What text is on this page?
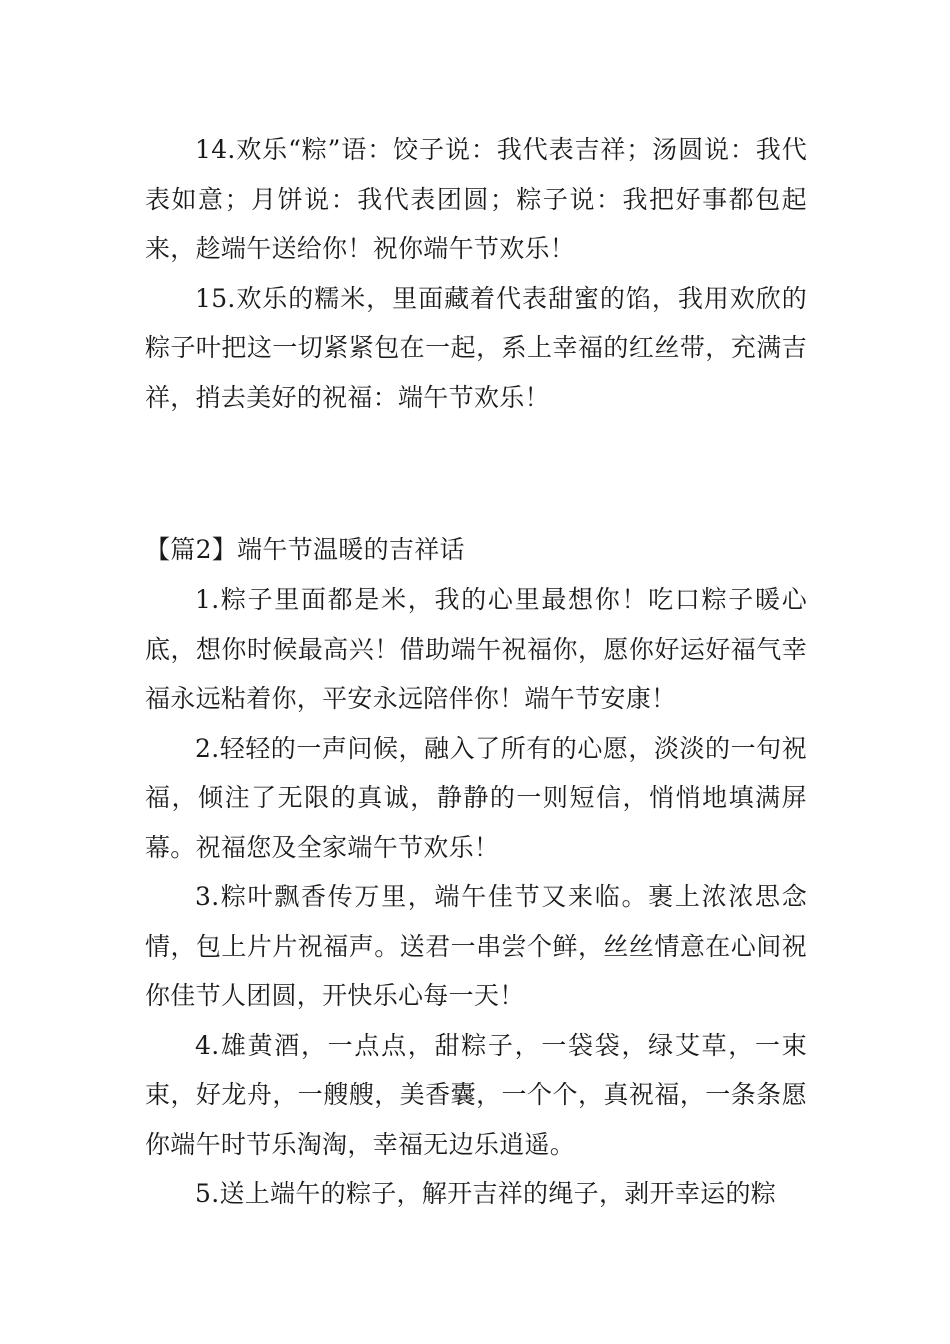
14.欢乐“粽”语：饺子说：我代表吉祥；汤圆说：我代表如意；月饼说：我代表团圆；粽子说：我把好事都包起来，趁端午送给你！祝你端午节欢乐！

15.欢乐的糯米，里面藏着代表甜蜜的馅，我用欢欣的粽子叶把这一切紧紧包在一起，系上幸福的红丝带，充满吉祥，捎去美好的祝福：端午节欢乐！

【篇2】端午节温暖的吉祥话

1.粽子里面都是米，我的心里最想你！吃口粽子暖心底，想你时候最高兴！借助端午祝福你，愿你好运好福气幸福永远粘着你，平安永远陪伴你！端午节安康！

2.轻轻的一声问候，融入了所有的心愿，淡淡的一句祝福，倾注了无限的真诚，静静的一则短信，悄悄地填满屏幕。祝福您及全家端午节欢乐！

3.粽叶飘香传万里，端午佳节又来临。裹上浓浓思念情，包上片片祝福声。送君一串尝个鲜，丝丝情意在心间祝你佳节人团圆，开快乐心每一天！

4.雄黄酒，一点点，甜粽子，一袋袋，绿艾草，一束束，好龙舟，一艘艘，美香囊，一个个，真祝福，一条条愿你端午时节乐淘淘，幸福无边乐逍遥。

5.送上端午的粽子，解开吉祥的绳子，剥开幸运的粽
